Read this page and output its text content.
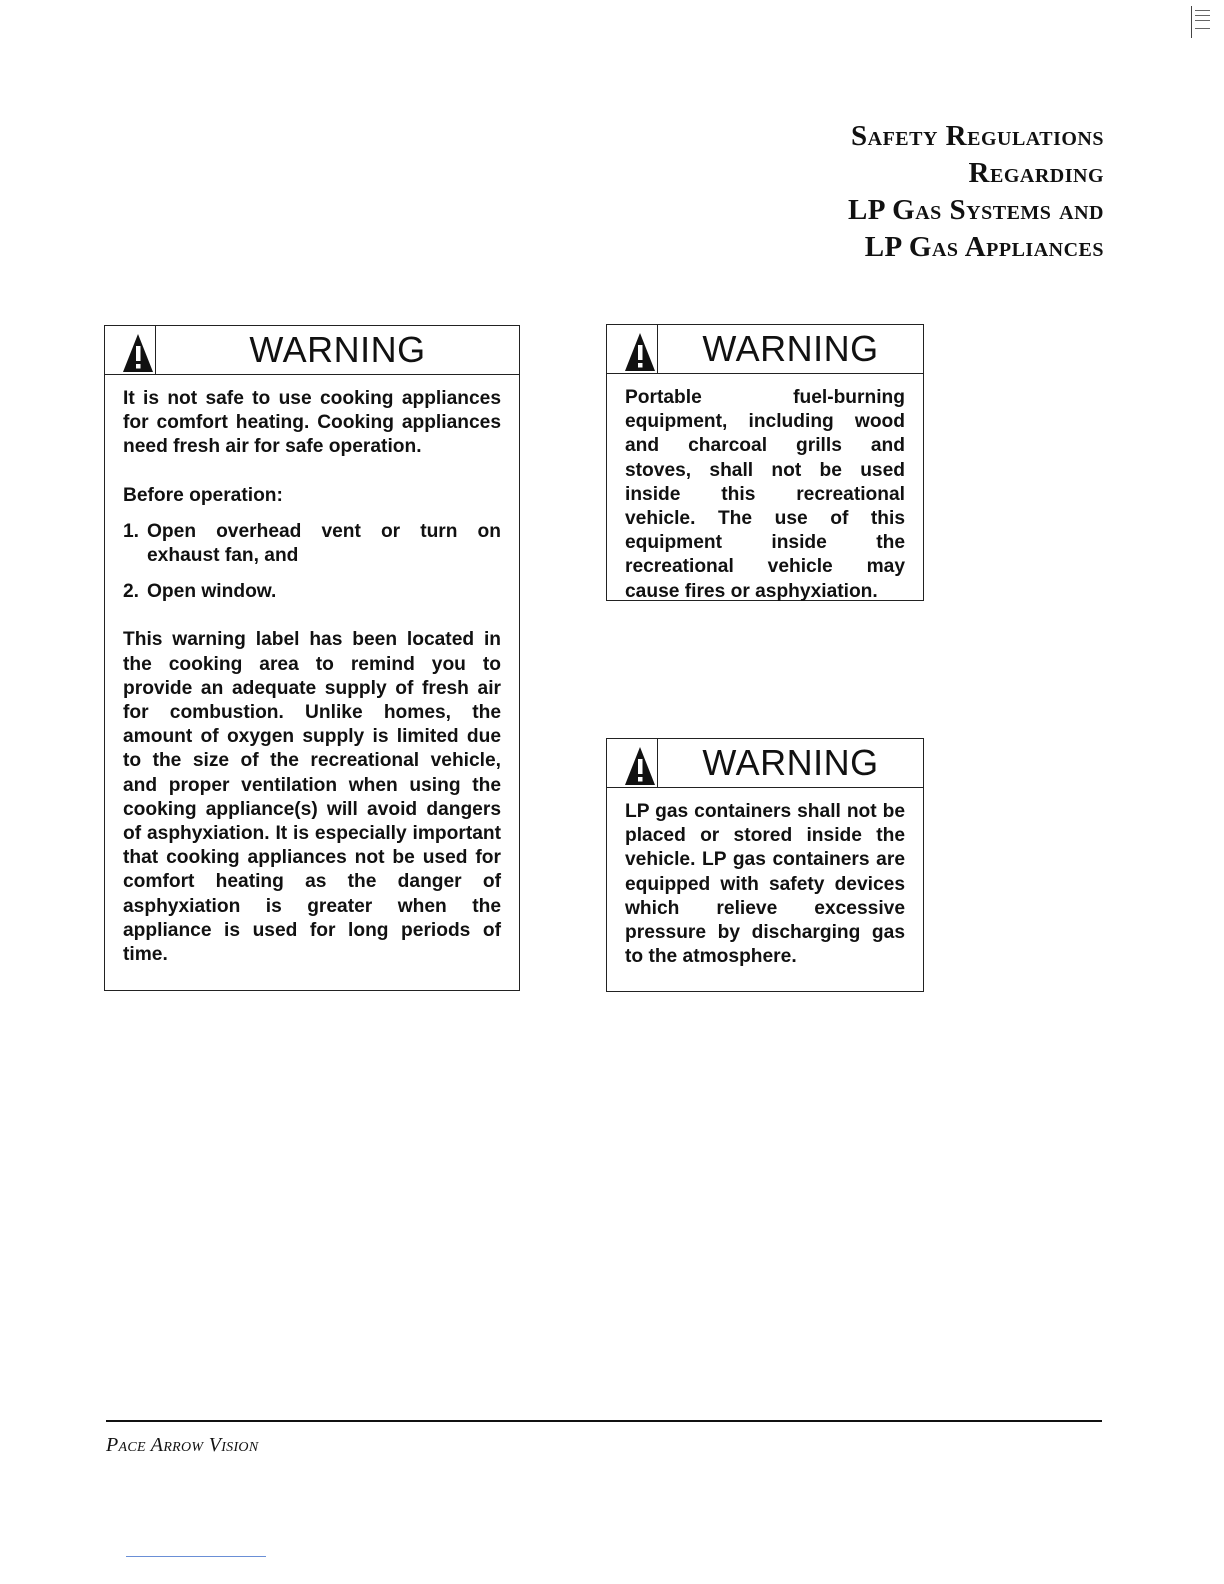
Safety Regulations
Regarding
LP Gas Systems and
LP Gas Appliances
WARNING

It is not safe to use cooking appliances for comfort heating. Cooking appliances need fresh air for safe operation.

Before operation:

1. Open overhead vent or turn on exhaust fan, and
2. Open window.

This warning label has been located in the cooking area to remind you to provide an adequate supply of fresh air for combustion. Unlike homes, the amount of oxygen supply is limited due to the size of the recreational vehicle, and proper ventilation when using the cooking appliance(s) will avoid dangers of asphyxiation. It is especially important that cooking appliances not be used for comfort heating as the danger of asphyxiation is greater when the appliance is used for long periods of time.

WARNING

Portable fuel-burning equipment, including wood and charcoal grills and stoves, shall not be used inside this recreational vehicle. The use of this equipment inside the recreational vehicle may cause fires or asphyxiation.

WARNING

LP gas containers shall not be placed or stored inside the vehicle. LP gas containers are equipped with safety devices which relieve excessive pressure by discharging gas to the atmosphere.

Pace Arrow Vision
